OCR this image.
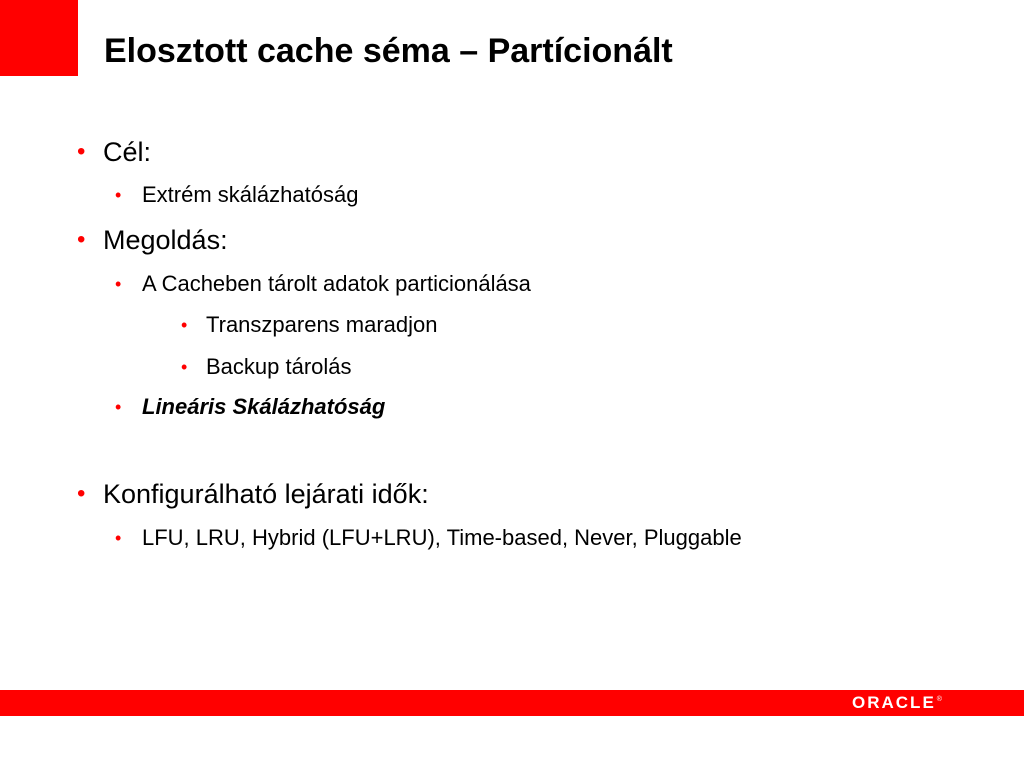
Elosztott cache séma – Partícionált
• Cél:
• Extrém skálázhatóság
• Megoldás:
• A Cacheben tárolt adatok particionálása
• Transzparens maradjon
• Backup tárolás
• Lineáris Skálázhatóság
• Konfigurálható lejárati idők:
• LFU, LRU, Hybrid (LFU+LRU), Time-based, Never, Pluggable
ORACLE ®
